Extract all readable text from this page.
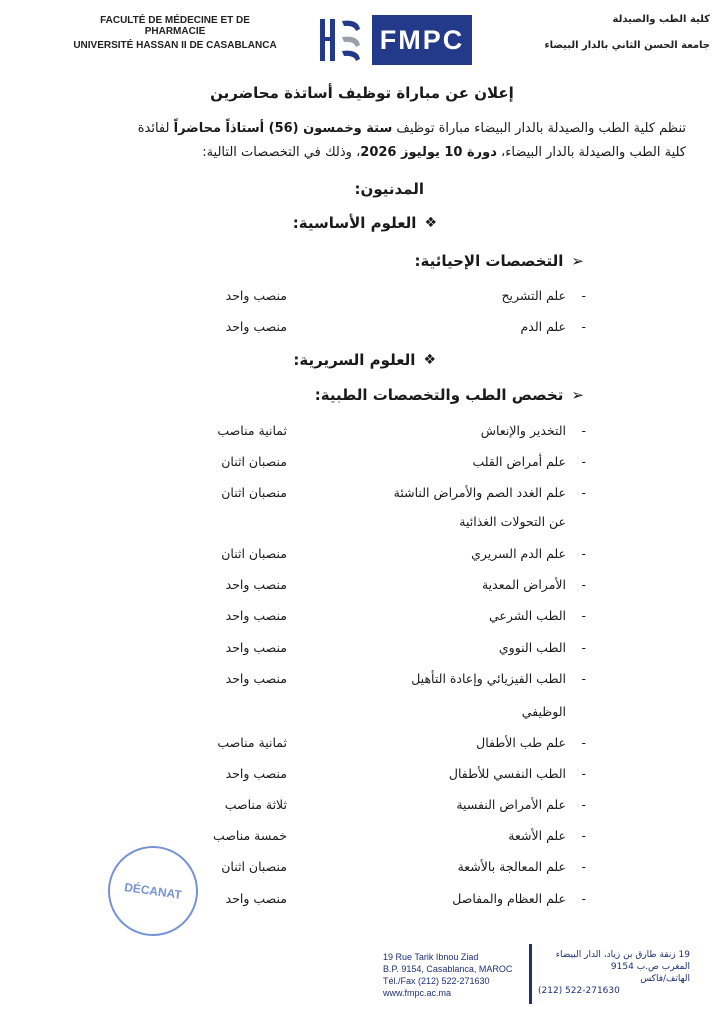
FACULTÉ DE MÉDECINE ET DE PHARMACIE
UNIVERSITÉ HASSAN II DE CASABLANCA	FMPC
كلية الطب والصيدلة
جامعة الحسن الثاني بالدار البيضاء
إعلان عن مباراة توظيف أساتذة محاضرين
تنظم كلية الطب والصيدلة بالدار البيضاء مباراة توظيف ستة وخمسون (56) أستاذاً محاضراً لفائدة
كلية الطب والصيدلة بالدار البيضاء، دورة 10 يوليوز 2026، وذلك في التخصصات التالية:
المدنيون:
❖
العلوم الأساسية:
➢
التخصصات الإحيائية:
-
علم التشريح
منصب واحد
-
علم الدم
منصب واحد
❖
العلوم السريرية:
➢
تخصص الطب والتخصصات الطبية:
-
التخدير والإنعاش
ثمانية مناصب
-
علم أمراض القلب
منصبان اثنان
-
علم الغدد الصم والأمراض الناشئة
منصبان اثنان
عن التحولات الغذائية
-
علم الدم السريري
منصبان اثنان
-
الأمراض المعدية
منصب واحد
-
الطب الشرعي
منصب واحد
-
الطب النووي
منصب واحد
-
الطب الفيزيائي وإعادة التأهيل
منصب واحد
الوظيفي
-
علم طب الأطفال
ثمانية مناصب
-
الطب النفسي للأطفال
منصب واحد
-
علم الأمراض النفسية
ثلاثة مناصب
-
علم الأشعة
خمسة مناصب
-
علم المعالجة بالأشعة
منصبان اثنان
-
علم العظام والمفاصل
منصب واحد
DÉCANAT
19 Rue Tarik Ibnou Ziad
B.P. 9154, Casablanca, MAROC
Tél./Fax (212) 522-271630
www.fmpc.ac.ma
19 زنقة طارق بن زياد، الدار البيضاء
المغرب ص.ب 9154
الهاتف/فاكس
(212) 522-271630
